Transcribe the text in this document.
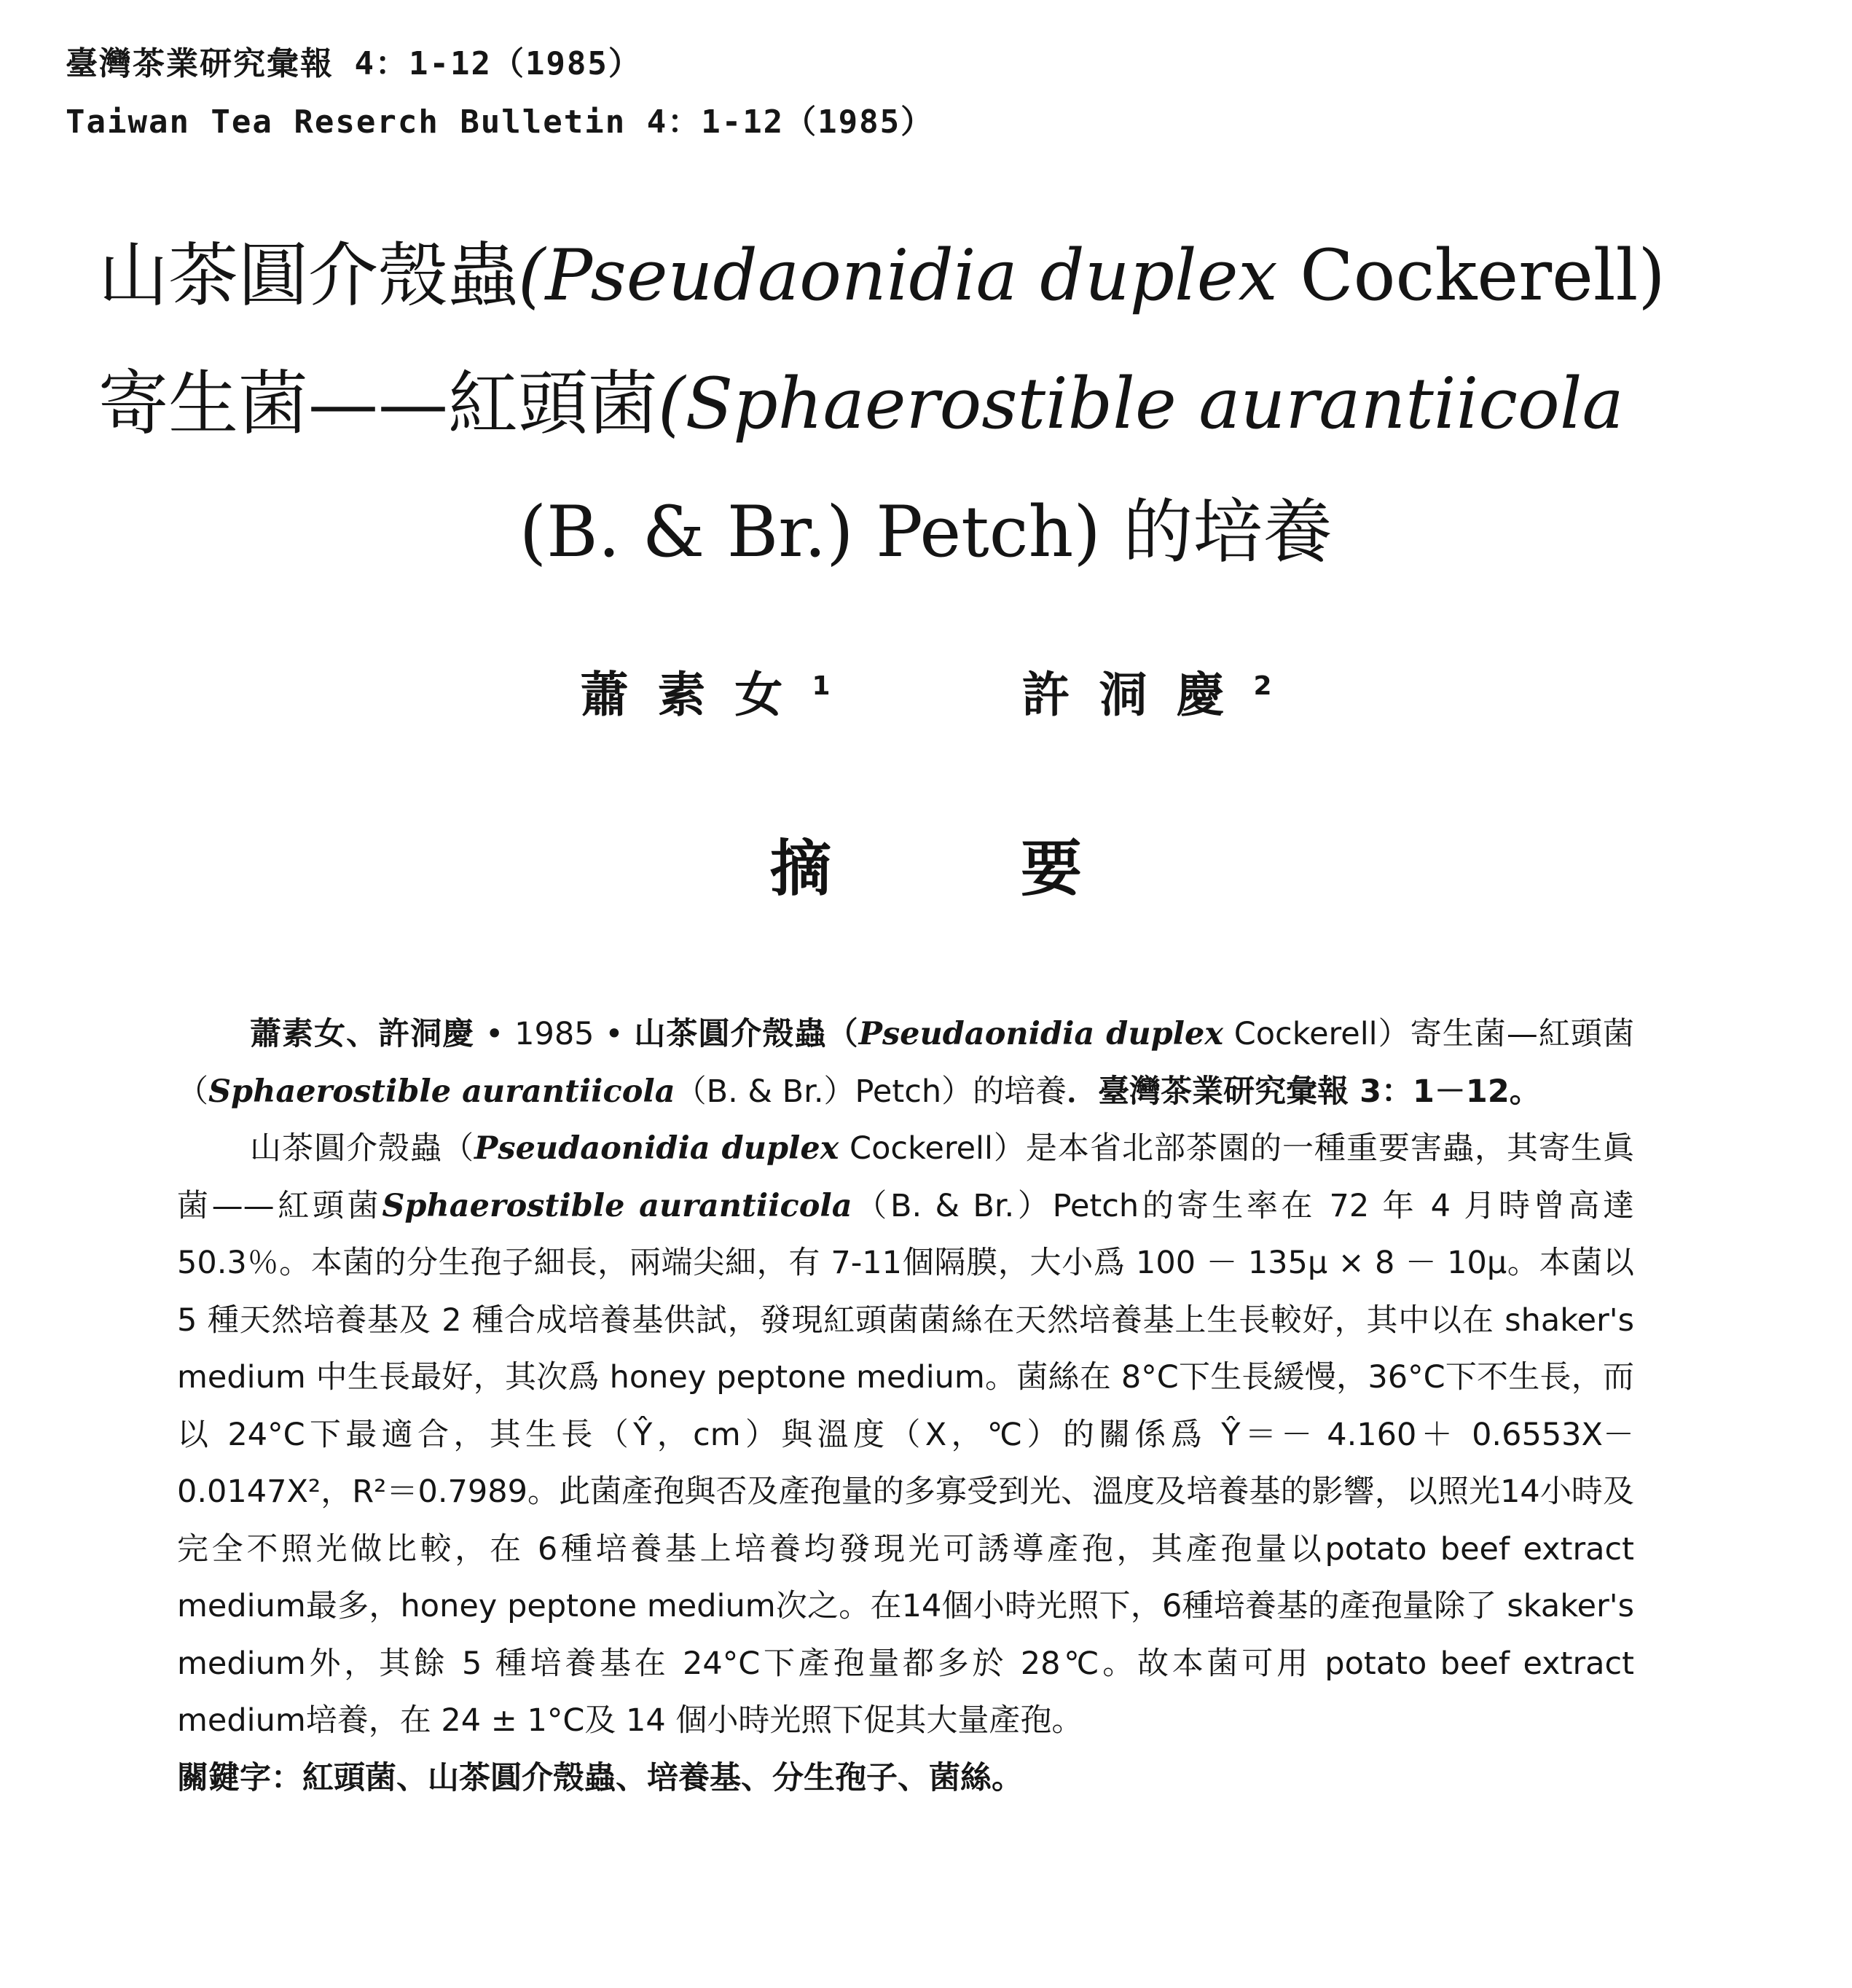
臺灣茶業研究彙報 4：1-12（1985）
Taiwan Tea Reserch Bulletin 4：1-12（1985）
山茶圓介殼蟲(Pseudaonidia duplex Cockerell)
寄生菌——紅頭菌(Sphaerostible aurantiicola
(B. & Br.) Petch) 的培養
蕭素女$^1$	許洞慶$^2$
摘要

蕭素女、許洞慶 • 1985 • 山茶圓介殼蟲（Pseudaonidia duplex Cockerell）寄生菌—紅頭菌（Sphaerostible aurantiicola（B. & Br.）Petch）的培養．臺灣茶業研究彙報 3：1－12。

山茶圓介殼蟲（Pseudaonidia duplex Cockerell）是本省北部茶園的一種重要害蟲，其寄生眞菌——紅頭菌Sphaerostible aurantiicola（B. & Br.）Petch的寄生率在 72 年 4 月時曾高達 50.3％。本菌的分生孢子細長，兩端尖細，有 7-11個隔膜，大小爲 100 － 135μ × 8 － 10μ。本菌以 5 種天然培養基及 2 種合成培養基供試，發現紅頭菌菌絲在天然培養基上生長較好，其中以在 shaker's medium 中生長最好，其次爲 honey peptone medium。菌絲在 8°C下生長緩慢，36°C下不生長，而以 24°C下最適合，其生長（Ŷ，cm）與溫度（X，℃）的關係爲 Ŷ＝－ 4.160＋ 0.6553X－0.0147X²，R²＝0.7989。此菌產孢與否及產孢量的多寡受到光、溫度及培養基的影響，以照光14小時及完全不照光做比較，在 6種培養基上培養均發現光可誘導產孢，其產孢量以potato beef extract medium最多，honey peptone medium次之。在14個小時光照下，6種培養基的產孢量除了 skaker's medium外，其餘 5 種培養基在 24°C下產孢量都多於 28℃。故本菌可用 potato beef extract medium培養，在 24 ± 1°C及 14 個小時光照下促其大量產孢。

關鍵字：紅頭菌、山茶圓介殼蟲、培養基、分生孢子、菌絲。
